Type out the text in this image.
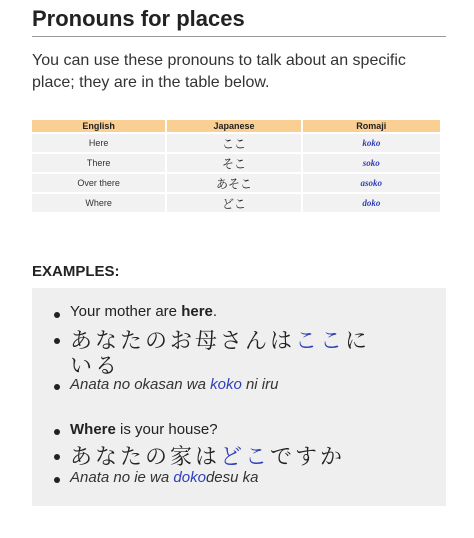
Pronouns for places
You can use these pronouns to talk about an specific place; they are in the table below.
English	Japanese	Romaji
Here	ここ	koko
There	そこ	soko
Over there	あそこ	asoko
Where	どこ	doko
EXAMPLES:
Your mother are here.
あなたのお母さんはここに
いる
Anata no okasan wa koko ni iru
Where is your house?
あなたの家はどこですか
Anata no ie wa dokodesu ka
